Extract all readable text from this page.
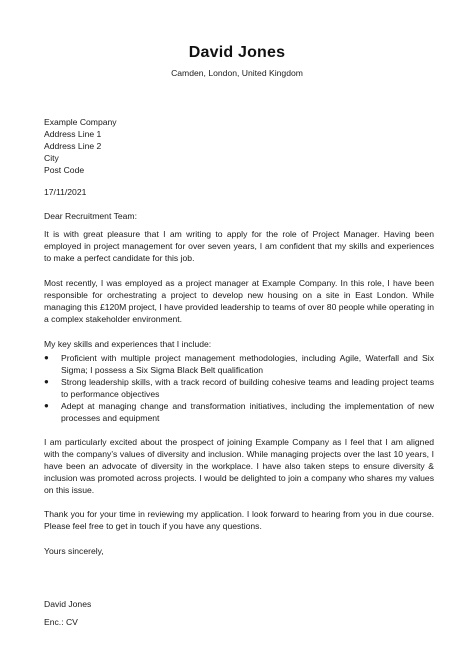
David Jones
Camden, London, United Kingdom
Example Company
Address Line 1
Address Line 2
City
Post Code
17/11/2021
Dear Recruitment Team:
It is with great pleasure that I am writing to apply for the role of Project Manager. Having been employed in project management for over seven years, I am confident that my skills and experiences to make a perfect candidate for this job.
Most recently, I was employed as a project manager at Example Company. In this role, I have been responsible for orchestrating a project to develop new housing on a site in East London. While managing this £120M project, I have provided leadership to teams of over 80 people while operating in a complex stakeholder environment.
My key skills and experiences that I include:
● Proficient with multiple project management methodologies, including Agile, Waterfall and Six Sigma; I possess a Six Sigma Black Belt qualification
● Strong leadership skills, with a track record of building cohesive teams and leading project teams to performance objectives
● Adept at managing change and transformation initiatives, including the implementation of new processes and equipment
I am particularly excited about the prospect of joining Example Company as I feel that I am aligned with the company’s values of diversity and inclusion. While managing projects over the last 10 years, I have been an advocate of diversity in the workplace. I have also taken steps to ensure diversity & inclusion was promoted across projects. I would be delighted to join a company who shares my values on this issue.
Thank you for your time in reviewing my application. I look forward to hearing from you in due course. Please feel free to get in touch if you have any questions.
Yours sincerely,
David Jones
Enc.: CV
